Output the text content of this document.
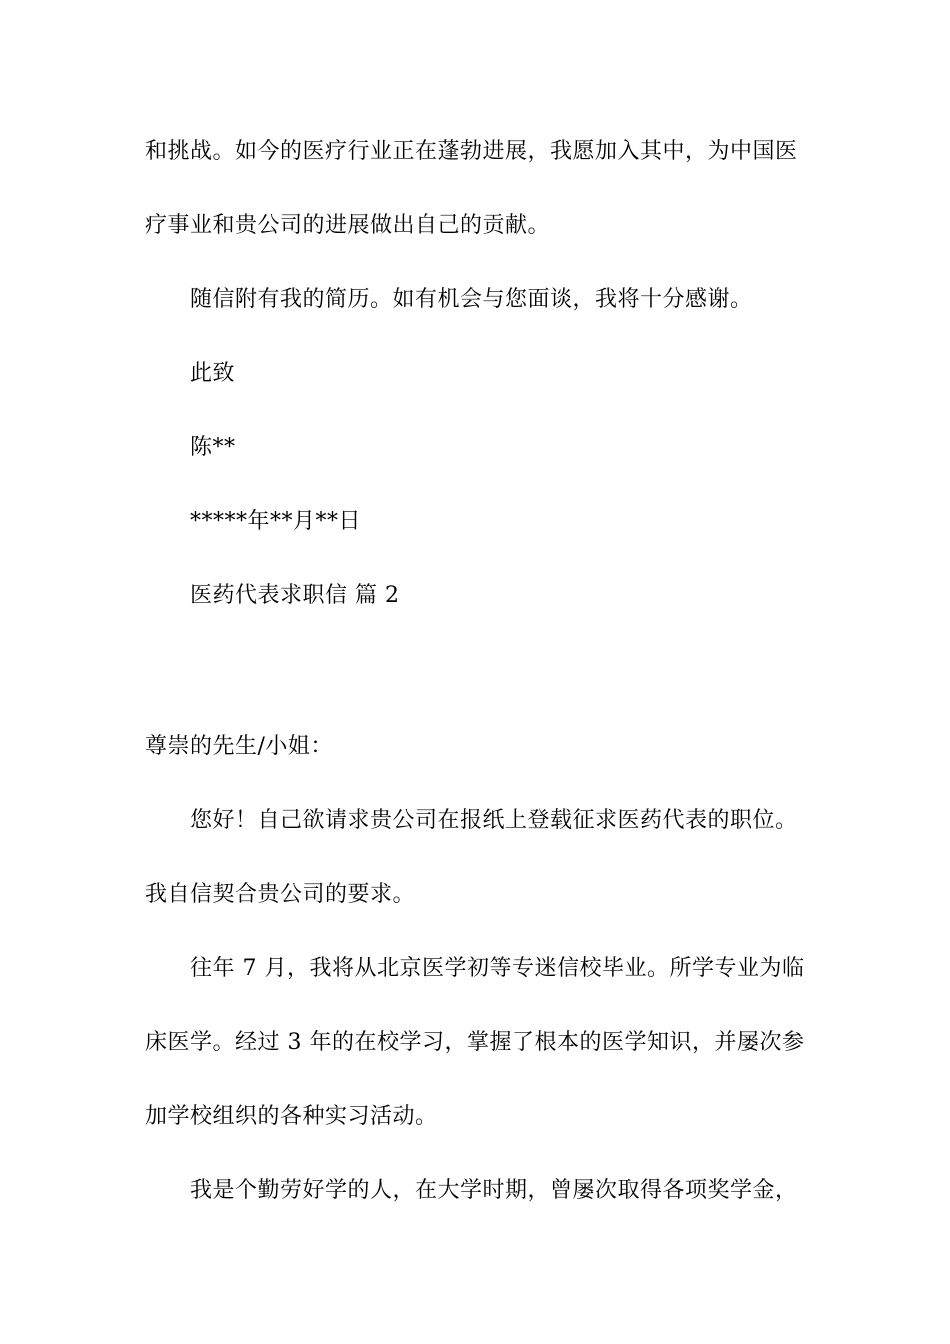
和挑战。如今的医疗行业正在蓬勃进展，我愿加入其中，为中国医
疗事业和贵公司的进展做出自己的贡献。
随信附有我的简历。如有机会与您面谈，我将十分感谢。
此致
陈**
*****年**月**日
医药代表求职信 篇 2
尊崇的先生/小姐：
您好！自己欲请求贵公司在报纸上登载征求医药代表的职位。
我自信契合贵公司的要求。
往年 7 月，我将从北京医学初等专迷信校毕业。所学专业为临
床医学。经过 3 年的在校学习，掌握了根本的医学知识，并屡次参
加学校组织的各种实习活动。
我是个勤劳好学的人，在大学时期，曾屡次取得各项奖学金，
